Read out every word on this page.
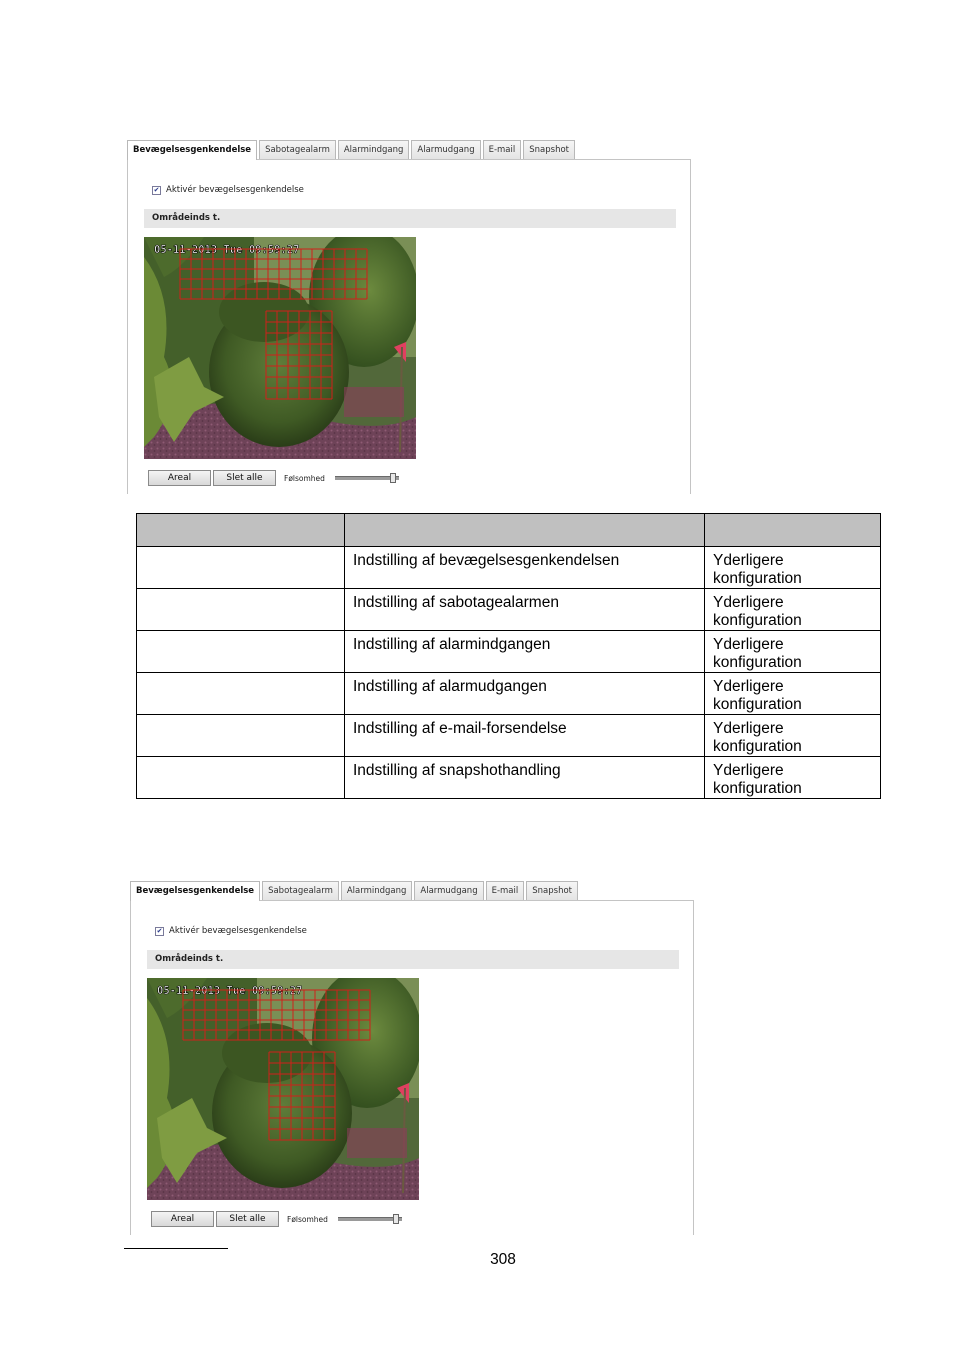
Bevægelsesgenkendelse	Sabotagealarm	Alarmindgang	Alarmudgang	E-mail	Snapshot
✔ Aktivér bevægelsesgenkendelse
Områdeinds t.
05-11-2013 Tue 09:59:27
Areal	Slet alle	Følsomhed

	Indstilling af bevægelsesgenkendelsen	Yderligere konfiguration
	Indstilling af sabotagealarmen	Yderligere konfiguration
	Indstilling af alarmindgangen	Yderligere konfiguration
	Indstilling af alarmudgangen	Yderligere konfiguration
	Indstilling af e-mail-forsendelse	Yderligere konfiguration
	Indstilling af snapshothandling	Yderligere konfiguration
Bevægelsesgenkendelse	Sabotagealarm	Alarmindgang	Alarmudgang	E-mail	Snapshot
✔ Aktivér bevægelsesgenkendelse
Områdeinds t.
05-11-2013 Tue 09:59:27
Areal	Slet alle	Følsomhed
308
